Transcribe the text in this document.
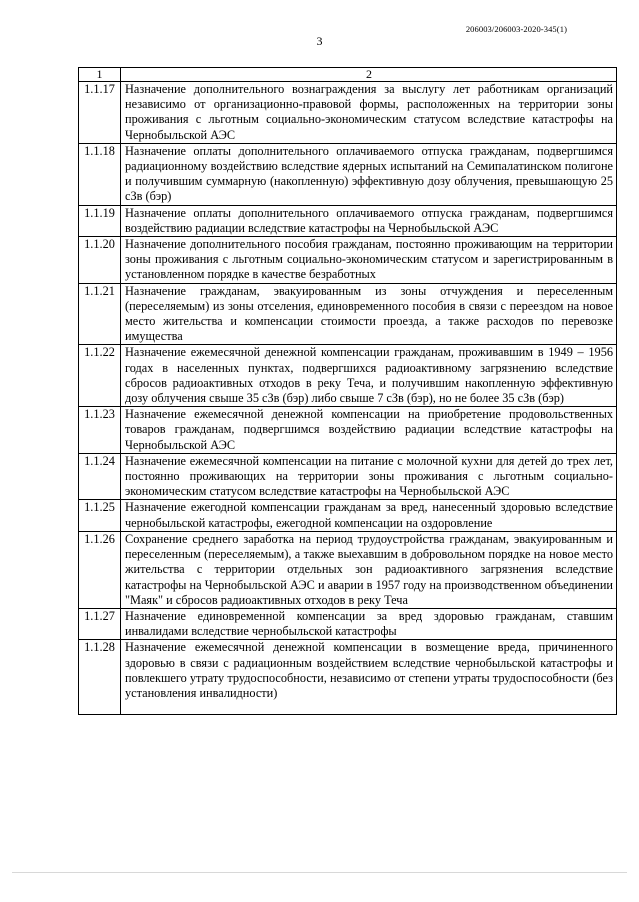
206003/206003-2020-345(1)
3
1	2
1.1.17	Назначение дополнительного вознаграждения за выслугу лет работникам организаций независимо от организационно-правовой формы, расположенных на территории зоны проживания с льготным социально-экономическим статусом вследствие катастрофы на Чернобыльской АЭС
1.1.18	Назначение оплаты дополнительного оплачиваемого отпуска гражданам, подвергшимся радиационному воздействию вследствие ядерных испытаний на Семипалатинском полигоне и получившим суммарную (накопленную) эффективную дозу облучения, превышающую 25 сЗв (бэр)
1.1.19	Назначение оплаты дополнительного оплачиваемого отпуска гражданам, подвергшимся воздействию радиации вследствие катастрофы на Чернобыльской АЭС
1.1.20	Назначение дополнительного пособия гражданам, постоянно проживающим на территории зоны проживания с льготным социально-экономическим статусом и зарегистрированным в установленном порядке в качестве безработных
1.1.21	Назначение гражданам, эвакуированным из зоны отчуждения и переселенным (переселяемым) из зоны отселения, единовременного пособия в связи с переездом на новое место жительства и компенсации стоимости проезда, а также расходов по перевозке имущества
1.1.22	Назначение ежемесячной денежной компенсации гражданам, проживавшим в 1949 – 1956 годах в населенных пунктах, подвергшихся радиоактивному загрязнению вследствие сбросов радиоактивных отходов в реку Теча, и получившим накопленную эффективную дозу облучения свыше 35 сЗв (бэр) либо свыше 7 сЗв (бэр), но не более 35 сЗв (бэр)
1.1.23	Назначение ежемесячной денежной компенсации на приобретение продовольственных товаров гражданам, подвергшимся воздействию радиации вследствие катастрофы на Чернобыльской АЭС
1.1.24	Назначение ежемесячной компенсации на питание с молочной кухни для детей до трех лет, постоянно проживающих на территории зоны проживания с льготным социально-экономическим статусом вследствие катастрофы на Чернобыльской АЭС
1.1.25	Назначение ежегодной компенсации гражданам за вред, нанесенный здоровью вследствие чернобыльской катастрофы, ежегодной компенсации на оздоровление
1.1.26	Сохранение среднего заработка на период трудоустройства гражданам, эвакуированным и переселенным (переселяемым), а также выехавшим в добровольном порядке на новое место жительства с территории отдельных зон радиоактивного загрязнения вследствие катастрофы на Чернобыльской АЭС и аварии в 1957 году на производственном объединении "Маяк" и сбросов радиоактивных отходов в реку Теча
1.1.27	Назначение единовременной компенсации за вред здоровью гражданам, ставшим инвалидами вследствие чернобыльской катастрофы
1.1.28	Назначение ежемесячной денежной компенсации в возмещение вреда, причиненного здоровью в связи с радиационным воздействием вследствие чернобыльской катастрофы и повлекшего утрату трудоспособности, независимо от степени утраты трудоспособности (без установления инвалидности)
